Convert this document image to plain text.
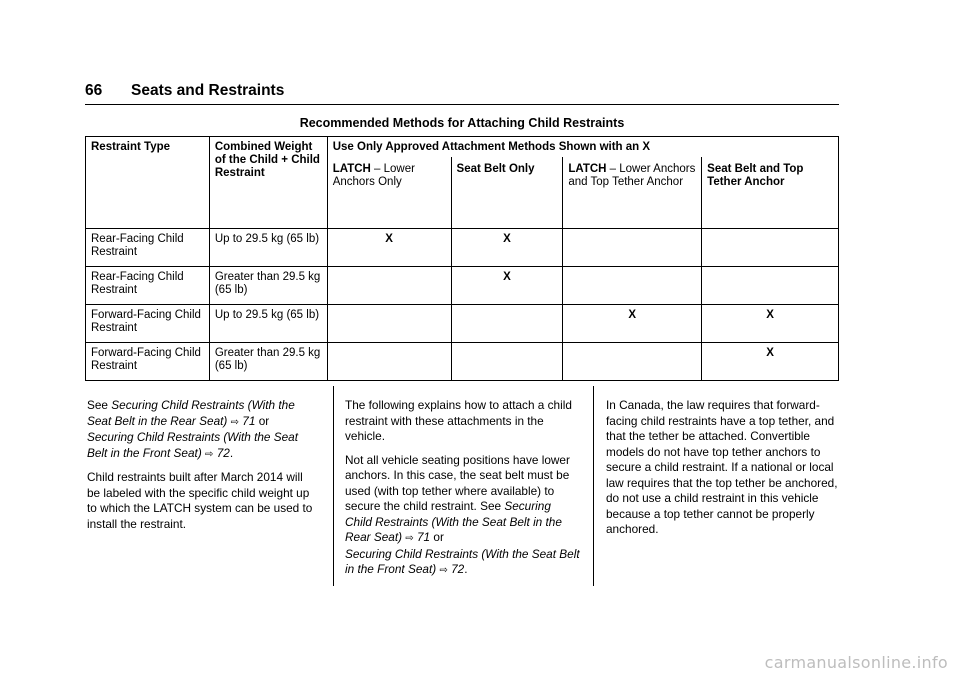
66 Seats and Restraints
Recommended Methods for Attaching Child Restraints
Restraint Type	Combined Weight of the Child + Child Restraint	Use Only Approved Attachment Methods Shown with an X			
		LATCH – Lower Anchors Only	Seat Belt Only	LATCH – Lower Anchors and Top Tether Anchor	Seat Belt and Top Tether Anchor
Rear-Facing Child Restraint	Up to 29.5 kg (65 lb)	X	X		
Rear-Facing Child Restraint	Greater than 29.5 kg (65 lb)		X		
Forward-Facing Child Restraint	Up to 29.5 kg (65 lb)			X	X
Forward-Facing Child Restraint	Greater than 29.5 kg (65 lb)				X

See Securing Child Restraints (With the Seat Belt in the Rear Seat) ⇨ 71 or
Securing Child Restraints (With the Seat Belt in the Front Seat) ⇨ 72.

Child restraints built after March 2014 will be labeled with the specific child weight up to which the LATCH system can be used to install the restraint.

The following explains how to attach a child restraint with these attachments in the vehicle.

Not all vehicle seating positions have lower anchors. In this case, the seat belt must be used (with top tether where available) to secure the child restraint. See Securing Child Restraints (With the Seat Belt in the Rear Seat) ⇨ 71 or
Securing Child Restraints (With the Seat Belt in the Front Seat) ⇨ 72.

In Canada, the law requires that forward-facing child restraints have a top tether, and that the tether be attached. Convertible models do not have top tether anchors to secure a child restraint. If a national or local law requires that the top tether be anchored, do not use a child restraint in this vehicle because a top tether cannot be properly anchored.

carmanualsonline.info
